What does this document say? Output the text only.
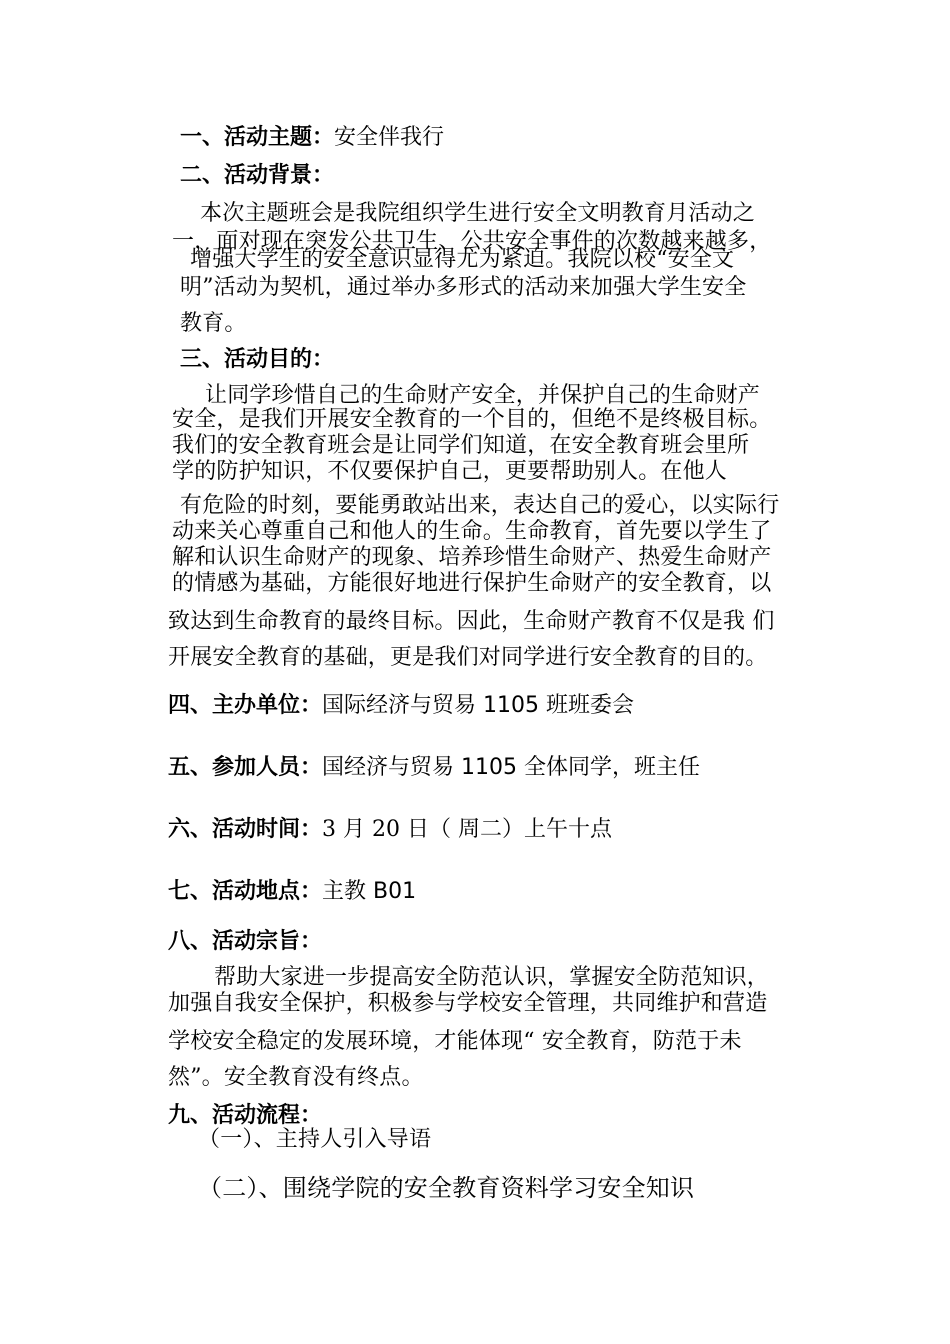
一、活动主题：安全伴我行
二、活动背景：
本次主题班会是我院组织学生进行安全文明教育月活动之
一，面对现在突发公共卫生、公共安全事件的次数越来越多，
增强大学生的安全意识显得尤为紧迫。我院以校“安全文
明”活动为契机，通过举办多形式的活动来加强大学生安全
教育。
三、活动目的：
让同学珍惜自己的生命财产安全，并保护自己的生命财产
安全，是我们开展安全教育的一个目的，但绝不是终极目标。
我们的安全教育班会是让同学们知道，在安全教育班会里所
学的防护知识，不仅要保护自己，更要帮助别人。在他人
有危险的时刻，要能勇敢站出来，表达自己的爱心，以实际行
动来关心尊重自己和他人的生命。生命教育，首先要以学生了
解和认识生命财产的现象、培养珍惜生命财产、热爱生命财产
的情感为基础，方能很好地进行保护生命财产的安全教育，以
致达到生命教育的最终目标。因此，生命财产教育不仅是我 们
开展安全教育的基础，更是我们对同学进行安全教育的目的。
四、主办单位：国际经济与贸易 1105 班班委会
五、参加人员：国经济与贸易 1105 全体同学，班主任
六、活动时间：3 月 20 日（ 周二）上午十点
七、活动地点：主教 B01
八、活动宗旨：
帮助大家进一步提高安全防范认识，掌握安全防范知识，
加强自我安全保护，积极参与学校安全管理，共同维护和营造
学校安全稳定的发展环境，才能体现“ 安全教育，防范于未
然”。安全教育没有终点。
九、活动流程：
（一）、主持人引入导语
（二）、围绕学院的安全教育资料学习安全知识
